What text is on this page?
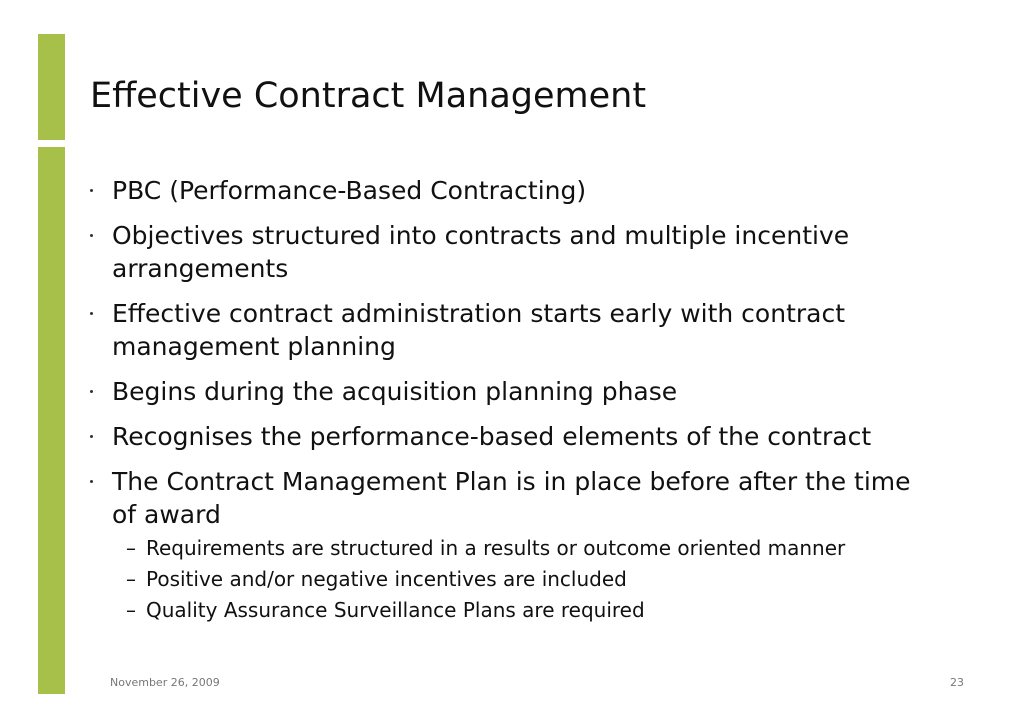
Effective Contract Management
PBC (Performance-Based Contracting)
Objectives structured into contracts and multiple incentive arrangements
Effective contract administration starts early with contract management planning
Begins during the acquisition planning phase
Recognises the performance-based elements of the contract
The Contract Management Plan is in place before after the time of award
– Requirements are structured in a results or outcome oriented manner
– Positive and/or negative incentives are included
– Quality Assurance Surveillance Plans are required
November 26, 2009	23
